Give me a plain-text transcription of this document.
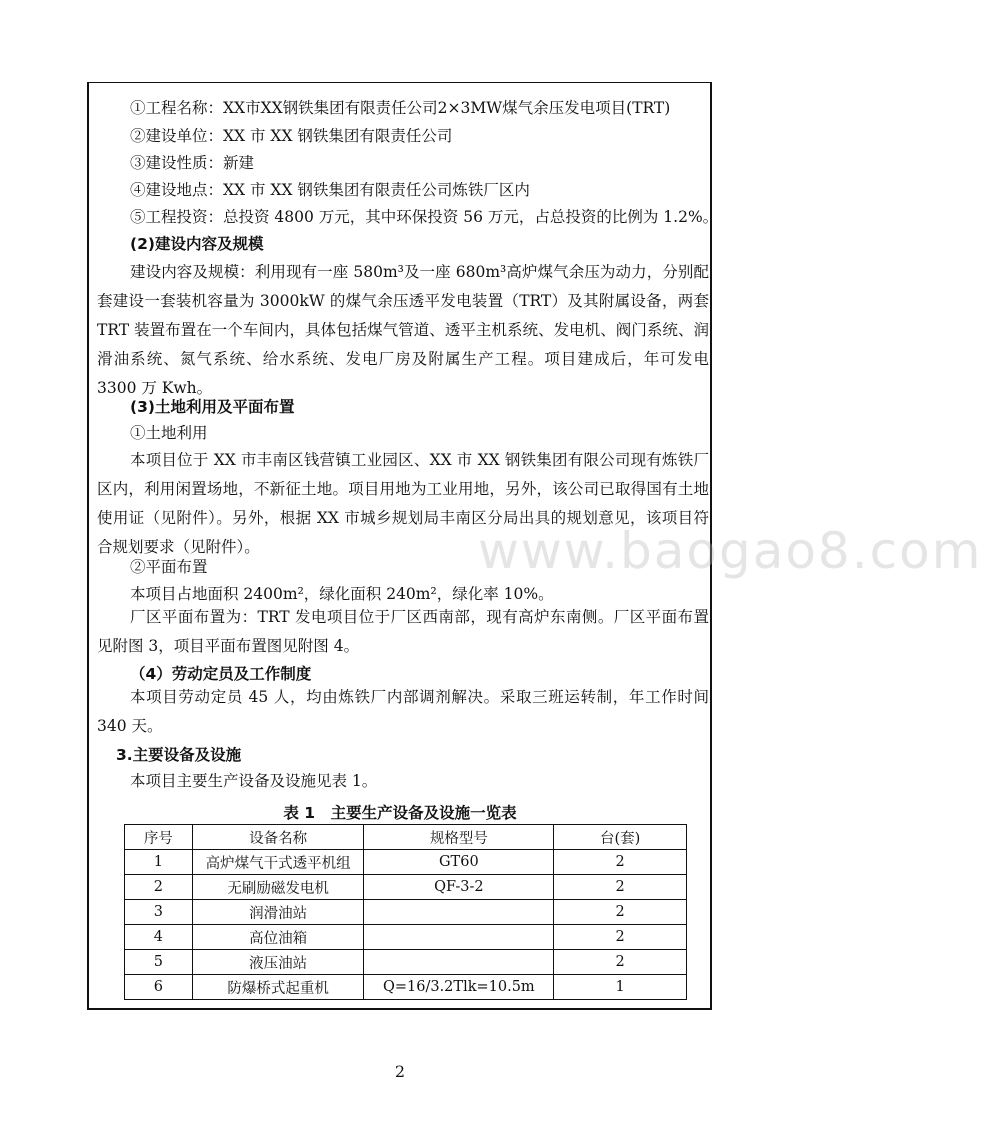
①工程名称：XX市XX钢铁集团有限责任公司2×3MW煤气余压发电项目(TRT)
②建设单位：XX 市 XX 钢铁集团有限责任公司
③建设性质：新建
④建设地点：XX 市 XX 钢铁集团有限责任公司炼铁厂区内
⑤工程投资：总投资 4800 万元，其中环保投资 56 万元，占总投资的比例为 1.2%。
(2)建设内容及规模

建设内容及规模：利用现有一座 580m³及一座 680m³高炉煤气余压为动力，分别配套建设一套装机容量为 3000kW 的煤气余压透平发电装置（TRT）及其附属设备，两套 TRT 装置布置在一个车间内，具体包括煤气管道、透平主机系统、发电机、阀门系统、润滑油系统、氮气系统、给水系统、发电厂房及附属生产工程。项目建成后，年可发电 3300 万 Kwh。

(3)土地利用及平面布置
①土地利用

本项目位于 XX 市丰南区钱营镇工业园区、XX 市 XX 钢铁集团有限公司现有炼铁厂区内，利用闲置场地，不新征土地。项目用地为工业用地，另外，该公司已取得国有土地使用证（见附件）。另外，根据 XX 市城乡规划局丰南区分局出具的规划意见，该项目符合规划要求（见附件）。

②平面布置
本项目占地面积 2400m²，绿化面积 240m²，绿化率 10%。

厂区平面布置为：TRT 发电项目位于厂区西南部，现有高炉东南侧。厂区平面布置见附图 3，项目平面布置图见附图 4。

（4）劳动定员及工作制度

本项目劳动定员 45 人，均由炼铁厂内部调剂解决。采取三班运转制，年工作时间 340 天。

3.主要设备及设施
本项目主要生产设备及设施见表 1。
表 1　主要生产设备及设施一览表
序号	设备名称	规格型号	台(套)
1	高炉煤气干式透平机组	GT60	2
2	无刷励磁发电机	QF-3-2	2
3	润滑油站		2
4	高位油箱		2
5	液压油站		2
6	防爆桥式起重机	Q=16/3.2Tlk=10.5m	1
www.baogao8.com
2
